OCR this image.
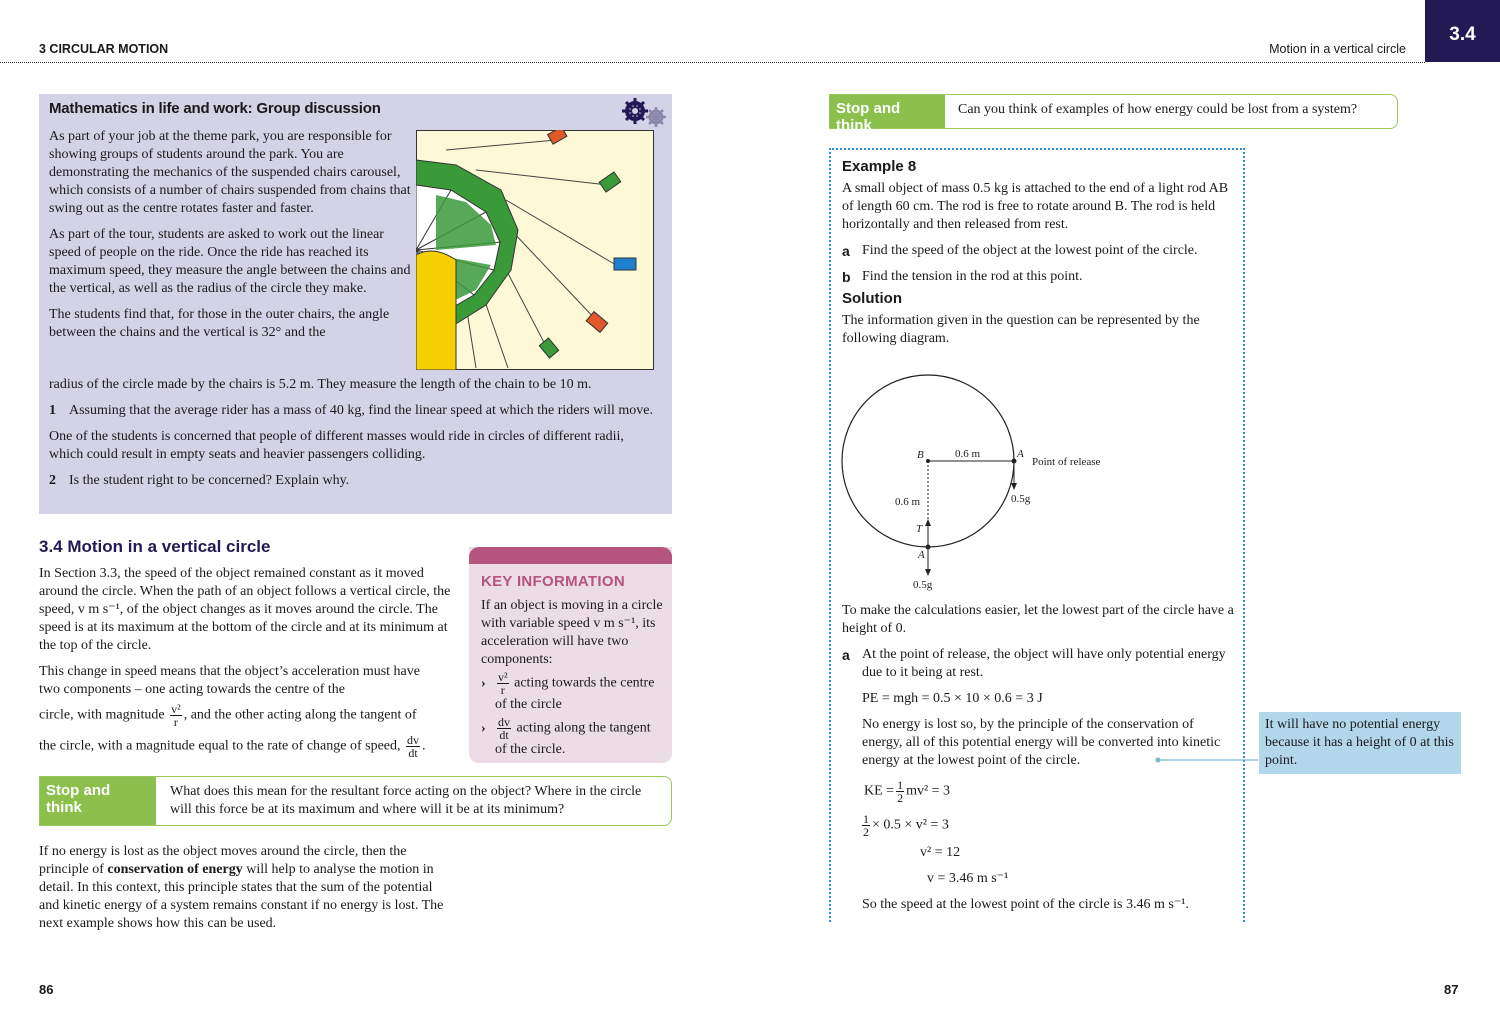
3 CIRCULAR MOTION	Motion in a vertical circle
3.4
Mathematics in life and work: Group discussion

As part of your job at the theme park, you are responsible for showing groups of students around the park. You are demonstrating the mechanics of the suspended chairs carousel, which consists of a number of chairs suspended from chains that swing out as the centre rotates faster and faster.

As part of the tour, students are asked to work out the linear speed of people on the ride. Once the ride has reached its maximum speed, they measure the angle between the chains and the vertical, as well as the radius of the circle they make.

The students find that, for those in the outer chairs, the angle between the chains and the vertical is 32° and the

radius of the circle made by the chairs is 5.2 m. They measure the length of the chain to be 10 m.

1 Assuming that the average rider has a mass of 40 kg, find the linear speed at which the riders will move.

One of the students is concerned that people of different masses would ride in circles of different radii, which could result in empty seats and heavier passengers colliding.

2 Is the student right to be concerned? Explain why.

3.4 Motion in a vertical circle

In Section 3.3, the speed of the object remained constant as it moved around the circle. When the path of an object follows a vertical circle, the speed, v m s⁻¹, of the object changes as it moves around the circle. The speed is at its maximum at the bottom of the circle and at its minimum at the top of the circle.

This change in speed means that the object’s acceleration must have two components – one acting towards the centre of the

circle, with magnitude $\frac{\text{v²}}{r}$ , and the other acting along the tangent of
the circle, with a magnitude equal to the rate of change of speed, $\frac{dv}{dt}$ .
KEY INFORMATION
If an object is moving in a circle with variable speed v m s⁻¹, its acceleration will have two components:
› $\frac{\text{v²}}{r}$ acting towards the centre of the circle
› $\frac{dv}{dt}$ acting along the tangent of the circle.
Stop and think
What does this mean for the resultant force acting on the object? Where in the circle will this force be at its maximum and where will it be at its minimum?
If no energy is lost as the object moves around the circle, then the principle of conservation of energy will help to analyse the motion in detail. In this context, this principle states that the sum of the potential and kinetic energy of a system remains constant if no energy is lost. The next example shows how this can be used.
Stop and think
Can you think of examples of how energy could be lost from a system?
Example 8

A small object of mass 0.5 kg is attached to the end of a light rod AB of length 60 cm. The rod is free to rotate around B. The rod is held horizontally and then released from rest.

a Find the speed of the object at the lowest point of the circle.

b Find the tension in the rod at this point.

Solution

The information given in the question can be represented by the following diagram.

B	0.6 m	A
Point of release
0.5g
0.6 m
T
A
0.5g

To make the calculations easier, let the lowest part of the circle have a height of 0.

a At the point of release, the object will have only potential energy due to it being at rest.

PE = mgh = 0.5 × 10 × 0.6 = 3 J

No energy is lost so, by the principle of the conservation of energy, all of this potential energy will be converted into kinetic energy at the lowest point of the circle.

KE = $\frac{1}{2} mv^2 = 3$
$\frac{1}{2} \times 0.5 \times v^2 = 3$
v² = 12
v = 3.46 m s⁻¹
So the speed at the lowest point of the circle is 3.46 m s⁻¹.
It will have no potential energy because it has a height of 0 at this point.
86	87
